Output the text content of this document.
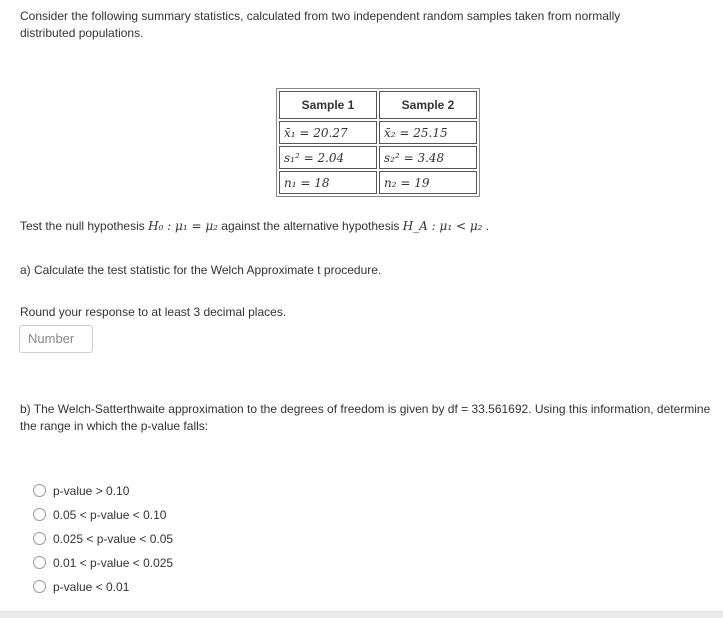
Consider the following summary statistics, calculated from two independent random samples taken from normally distributed populations.
Sample 1	Sample 2
x̄₁ = 20.27	x̄₂ = 25.15
s₁² = 2.04	s₂² = 3.48
n₁ = 18	n₂ = 19
Test the null hypothesis H₀ : μ₁ = μ₂ against the alternative hypothesis H_A : μ₁ < μ₂ .
a) Calculate the test statistic for the Welch Approximate t procedure.
Round your response to at least 3 decimal places.
Number
b) The Welch-Satterthwaite approximation to the degrees of freedom is given by df = 33.561692. Using this information, determine the range in which the p-value falls:
p-value > 0.10
0.05 < p-value < 0.10
0.025 < p-value < 0.05
0.01 < p-value < 0.025
p-value < 0.01
